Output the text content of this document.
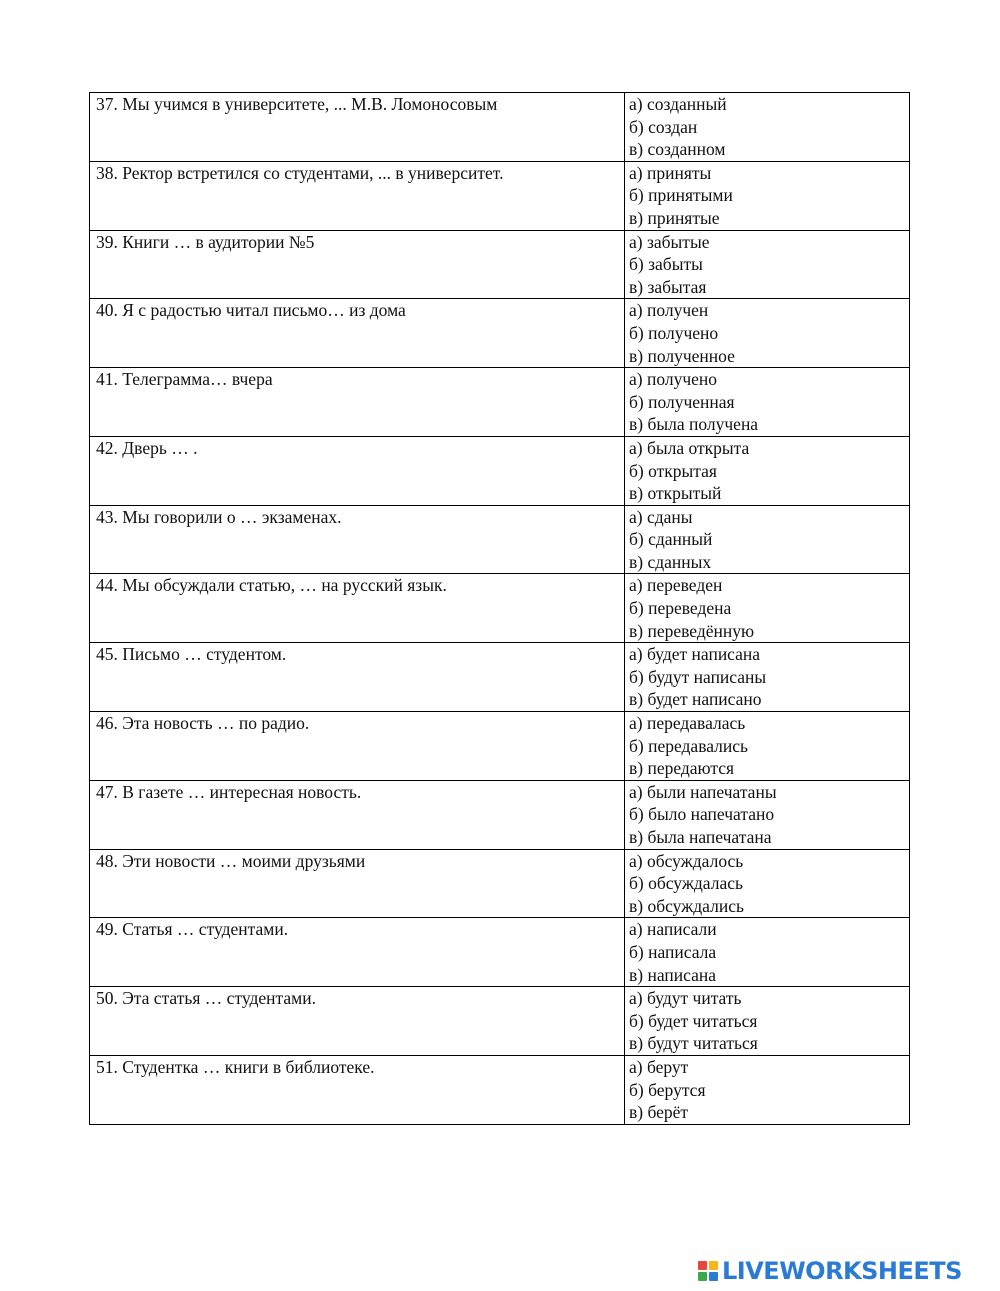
37. Мы учимся в университете, ... М.В. Ломоносовым	а) созданный
б) создан
в) созданном

38. Ректор встретился со студентами, ... в университет.	а) приняты
б) принятыми
в) принятые

39. Книги … в аудитории №5	а) забытые
б) забыты
в) забытая

40. Я с радостью читал письмо… из дома	а) получен
б) получено
в) полученное

41. Телеграмма… вчера	а) получено
б) полученная
в) была получена

42. Дверь … .	а) была открыта
б) открытая
в) открытый

43. Мы говорили о … экзаменах.	а) сданы
б) сданный
в) сданных

44. Мы обсуждали статью, … на русский язык.	а) переведен
б) переведена
в) переведённую

45. Письмо … студентом.	а) будет написана
б) будут написаны
в) будет написано

46. Эта новость … по радио.	а) передавалась
б) передавались
в) передаются

47. В газете … интересная новость.	а) были напечатаны
б) было напечатано
в) была напечатана

48. Эти новости … моими друзьями	а) обсуждалось
б) обсуждалась
в) обсуждались

49. Статья … студентами.	а) написали
б) написала
в) написана

50. Эта статья … студентами.	а) будут читать
б) будет читаться
в) будут читаться

51. Студентка … книги в библиотеке.	а) берут
б) берутся
в) берёт
LIVEWORKSHEETS
